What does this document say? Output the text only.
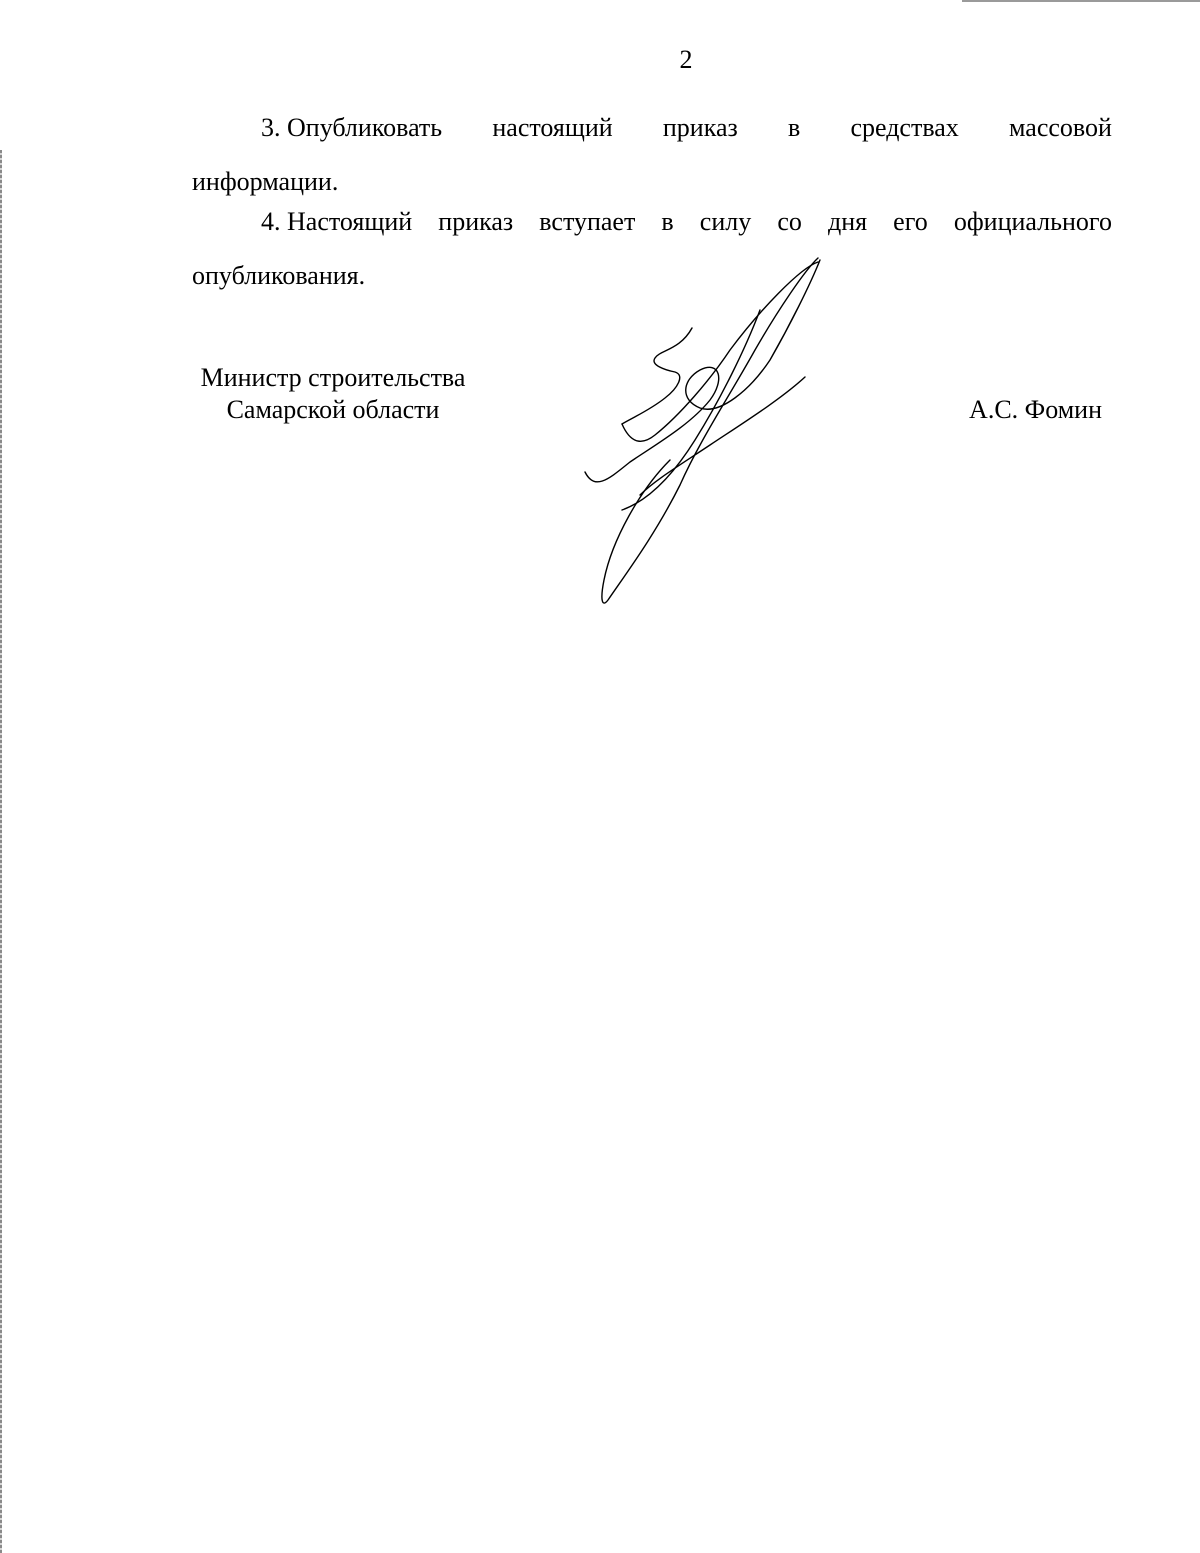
2
3. Опубликовать настоящий приказ в средствах массовой
информации.
4. Настоящий приказ вступает в силу со дня его официального
опубликования.
Министр строительства
Самарской области	А.С. Фомин
